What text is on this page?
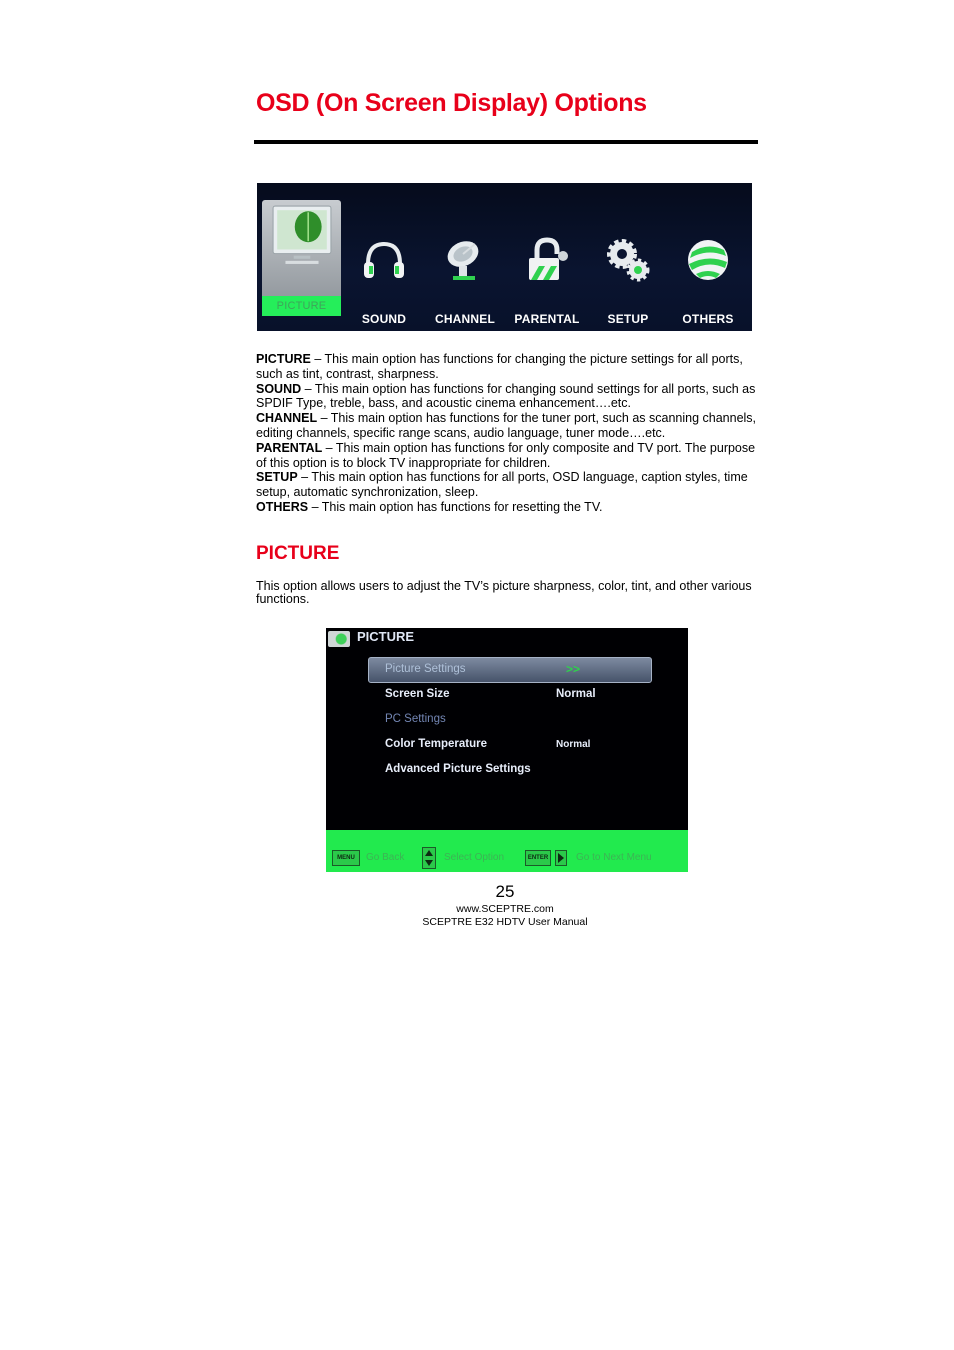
OSD (On Screen Display) Options
PICTURE
SOUND	CHANNEL	PARENTAL	SETUP	OTHERS

PICTURE – This main option has functions for changing the picture settings for all ports, such as tint, contrast, sharpness.

SOUND – This main option has functions for changing sound settings for all ports, such as SPDIF Type, treble, bass, and acoustic cinema enhancement….etc.

CHANNEL – This main option has functions for the tuner port, such as scanning channels, editing channels, specific range scans, audio language, tuner mode….etc.

PARENTAL – This main option has functions for only composite and TV port. The purpose of this option is to block TV inappropriate for children.

SETUP – This main option has functions for all ports, OSD language, caption styles, time setup, automatic synchronization, sleep.

OTHERS – This main option has functions for resetting the TV.

PICTURE

This option allows users to adjust the TV’s picture sharpness, color, tint, and other various functions.

PICTURE
Picture Settings	>>
Screen Size	Normal
PC Settings
Color Temperature	Normal
Advanced Picture Settings
MENU	Go Back	Select Option	ENTER	Go to Next Menu
25
www.SCEPTRE.com
SCEPTRE E32 HDTV User Manual
